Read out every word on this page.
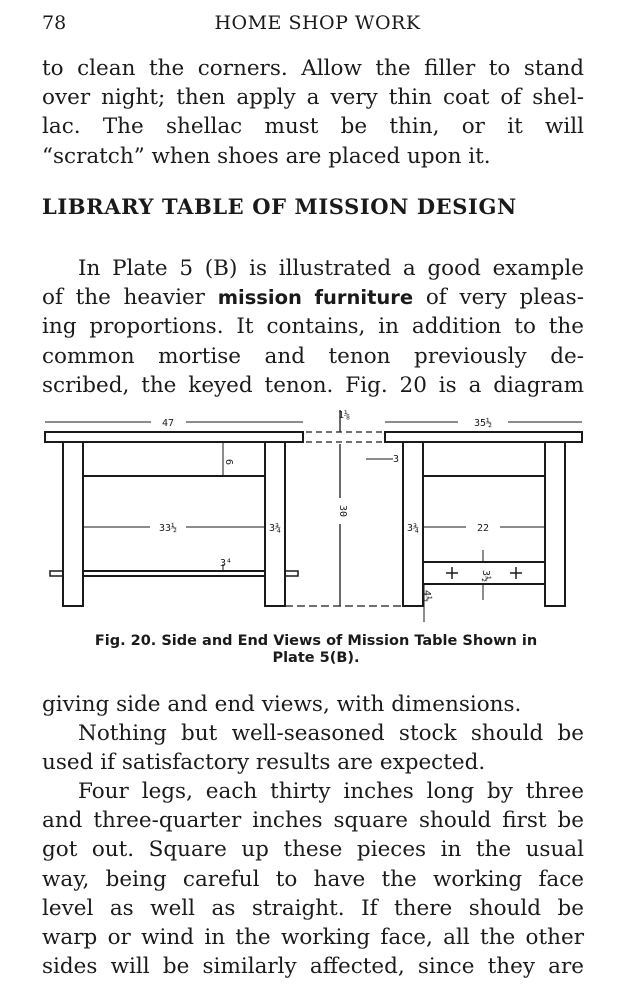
78	HOME SHOP WORK
to clean the corners. Allow the filler to stand
over night; then apply a very thin coat of shel-
lac. The shellac must be thin, or it will
“scratch” when shoes are placed upon it.
LIBRARY TABLE OF MISSION DESIGN
In Plate 5 (B) is illustrated a good example
of the heavier mission furniture of very pleas-
ing proportions. It contains, in addition to the
common mortise and tenon previously de-
scribed, the keyed tenon. Fig. 20 is a diagram
47
1⅛
35½
6
30
3
33½	3¾	3¾	22
3⁴
3½
4½
Fig. 20. Side and End Views of Mission Table Shown in
Plate 5(B).
giving side and end views, with dimensions.
Nothing but well-seasoned stock should be
used if satisfactory results are expected.
Four legs, each thirty inches long by three
and three-quarter inches square should first be
got out. Square up these pieces in the usual
way, being careful to have the working face
level as well as straight. If there should be
warp or wind in the working face, all the other
sides will be similarly affected, since they are
